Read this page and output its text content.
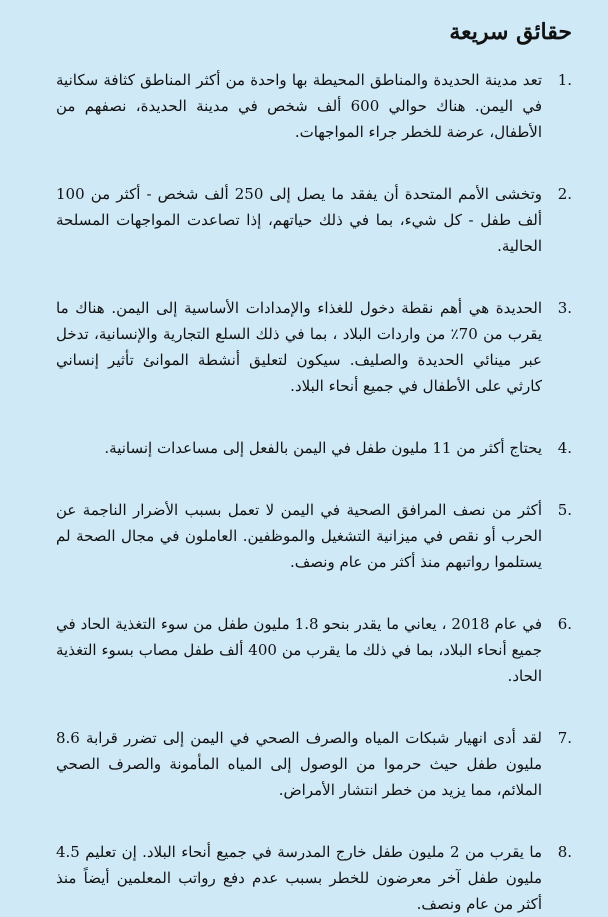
حقائق سريعة
1.

تعد مدينة الحديدة والمناطق المحيطة بها واحدة من أكثر المناطق كثافة سكانية في اليمن. هناك حوالي 600 ألف شخص في مدينة الحديدة، نصفهم من الأطفال، عرضة للخطر جراء المواجهات.

2.

وتخشى الأمم المتحدة أن يفقد ما يصل إلى 250 ألف شخص - أكثر من 100 ألف طفل - كل شيء، بما في ذلك حياتهم، إذا تصاعدت المواجهات المسلحة الحالية.

3.

الحديدة هي أهم نقطة دخول للغذاء والإمدادات الأساسية إلى اليمن. هناك ما يقرب من 70٪ من واردات البلاد ، بما في ذلك السلع التجارية والإنسانية، تدخل عبر مينائي الحديدة والصليف. سيكون لتعليق أنشطة الموانئ تأثير إنساني كارثي على الأطفال في جميع أنحاء البلاد.

4.

يحتاج أكثر من 11 مليون طفل في اليمن بالفعل إلى مساعدات إنسانية.

5.

أكثر من نصف المرافق الصحية في اليمن لا تعمل بسبب الأضرار الناجمة عن الحرب أو نقص في ميزانية التشغيل والموظفين. العاملون في مجال الصحة لم يستلموا رواتبهم منذ أكثر من عام ونصف.

6.

في عام 2018 ، يعاني ما يقدر بنحو 1.8 مليون طفل من سوء التغذية الحاد في جميع أنحاء البلاد، بما في ذلك ما يقرب من 400 ألف طفل مصاب بسوء التغذية الحاد.

7.

لقد أدى انهيار شبكات المياه والصرف الصحي في اليمن إلى تضرر قرابة 8.6 مليون طفل حيث حرموا من الوصول إلى المياه المأمونة والصرف الصحي الملائم، مما يزيد من خطر انتشار الأمراض.

8.

ما يقرب من 2 مليون طفل خارج المدرسة في جميع أنحاء البلاد. إن تعليم 4.5 مليون طفل آخر معرضون للخطر بسبب عدم دفع رواتب المعلمين أيضاً منذ أكثر من عام ونصف.
